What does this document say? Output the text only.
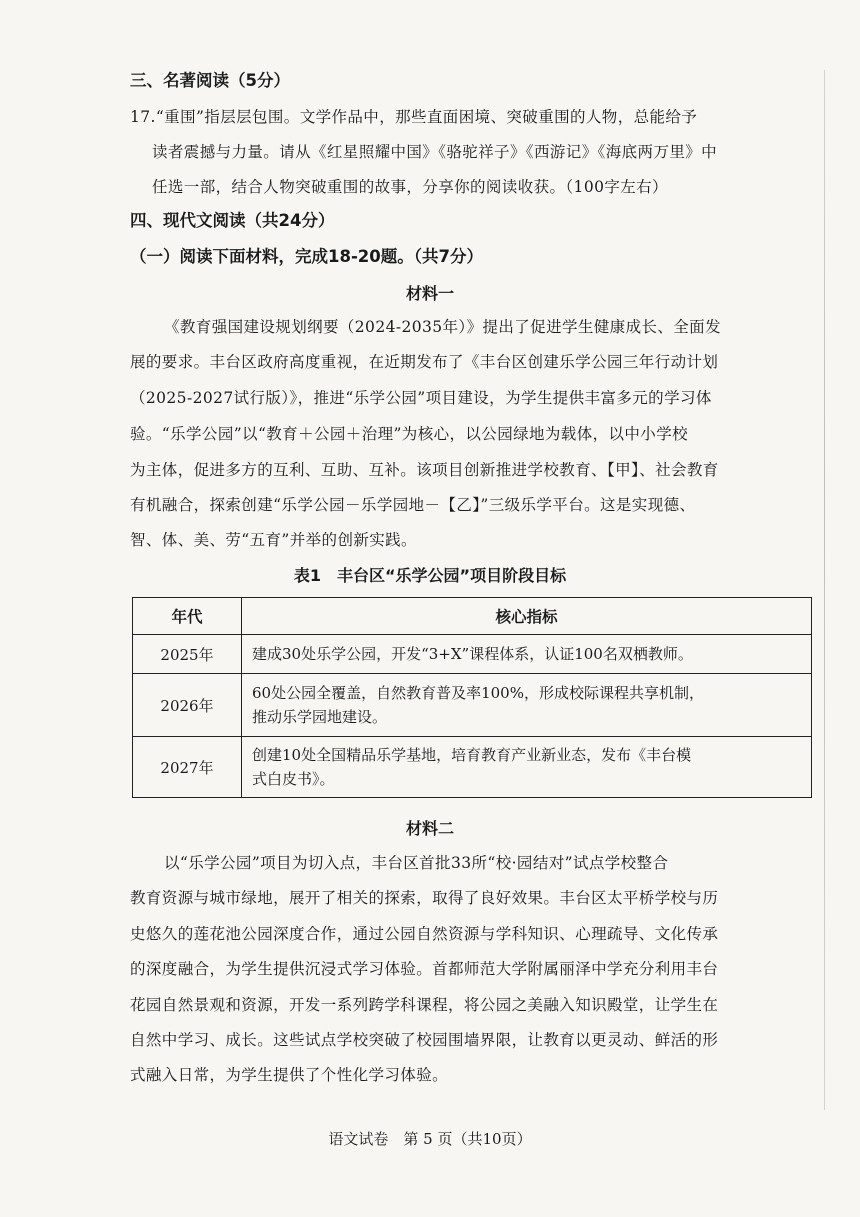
三、名著阅读（5分）
17.“重围”指层层包围。文学作品中，那些直面困境、突破重围的人物，总能给予
读者震撼与力量。请从《红星照耀中国》《骆驼祥子》《西游记》《海底两万里》中
任选一部，结合人物突破重围的故事，分享你的阅读收获。（100字左右）
四、现代文阅读（共24分）
（一）阅读下面材料，完成18-20题。（共7分）
材料一
《教育强国建设规划纲要（2024-2035年）》提出了促进学生健康成长、全面发
展的要求。丰台区政府高度重视，在近期发布了《丰台区创建乐学公园三年行动计划
（2025-2027试行版）》，推进“乐学公园”项目建设，为学生提供丰富多元的学习体
验。“乐学公园”以“教育＋公园＋治理”为核心，以公园绿地为载体，以中小学校
为主体，促进多方的互利、互助、互补。该项目创新推进学校教育、【甲】、社会教育
有机融合，探索创建“乐学公园－乐学园地－【乙】”三级乐学平台。这是实现德、
智、体、美、劳“五育”并举的创新实践。
表1　丰台区“乐学公园”项目阶段目标
年代	核心指标
2025年	建成30处乐学公园，开发“3+X”课程体系，认证100名双栖教师。

2026年	60处公园全覆盖，自然教育普及率100%，形成校际课程共享机制，
推动乐学园地建设。

2027年	创建10处全国精品乐学基地，培育教育产业新业态，发布《丰台模
式白皮书》。
材料二
以“乐学公园”项目为切入点，丰台区首批33所“校·园结对”试点学校整合
教育资源与城市绿地，展开了相关的探索，取得了良好效果。丰台区太平桥学校与历
史悠久的莲花池公园深度合作，通过公园自然资源与学科知识、心理疏导、文化传承
的深度融合，为学生提供沉浸式学习体验。首都师范大学附属丽泽中学充分利用丰台
花园自然景观和资源，开发一系列跨学科课程，将公园之美融入知识殿堂，让学生在
自然中学习、成长。这些试点学校突破了校园围墙界限，让教育以更灵动、鲜活的形
式融入日常，为学生提供了个性化学习体验。
语文试卷　第 5 页（共10页）
